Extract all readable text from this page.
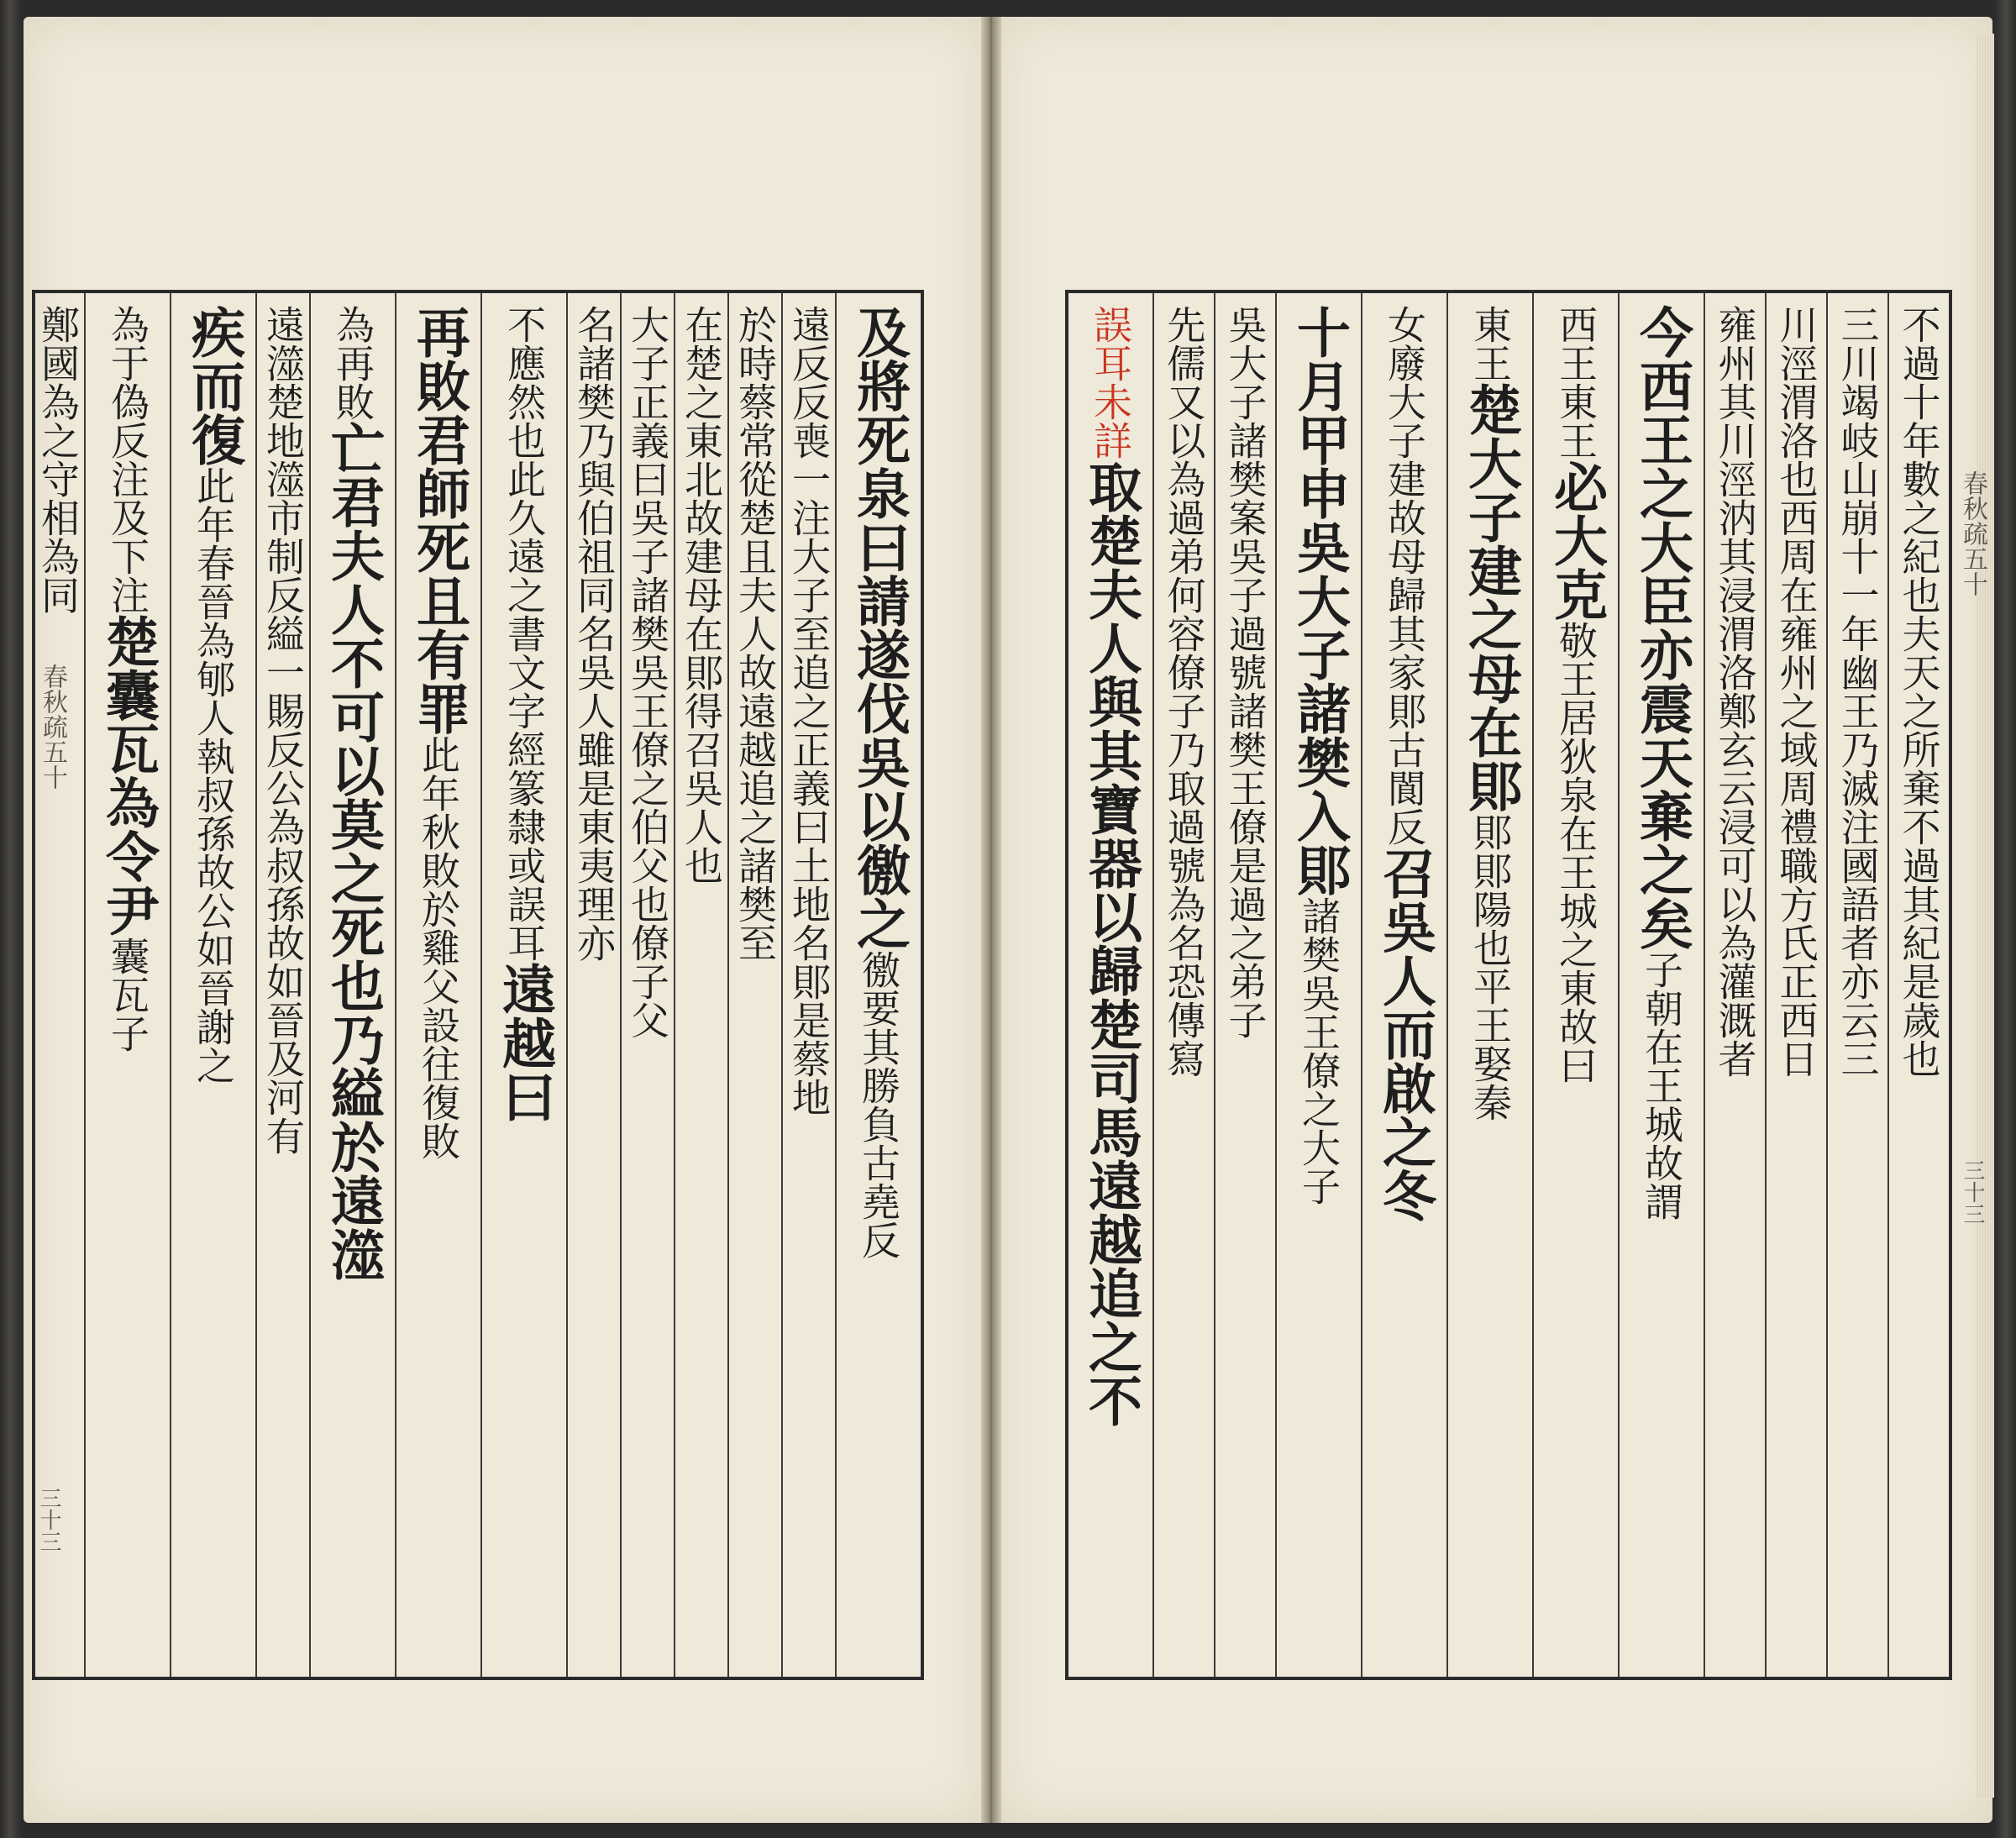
及將死泉曰請遂伐吳以徼之徼要其勝負古堯反
遠反反喪一注大子至追之正義曰土地名郥是蔡地
於時蔡常從楚且夫人故遠越追之諸樊至
在楚之東北故建母在郥得召吳人也
大子正義曰吳子諸樊吳王僚之伯父也僚子父
名諸樊乃與伯祖同名吳人雖是東夷理亦
不應然也此久遠之書文字經篆隸或誤耳遠越曰
再敗君師死且有罪此年秋敗於雞父設往復敗
為再敗亡君夫人不可以莫之死也乃縊於遠澨
遠澨楚地澨市制反縊一賜反公為叔孫故如晉及河有
疾而復此年春晉為郇人執叔孫故公如晉謝之
為于偽反注及下注楚囊瓦為令尹囊瓦子
鄭國為之守相為同	不過十年數之紀也夫天之所棄不過其紀是歲也
三川竭岐山崩十一年幽王乃滅注國語者亦云三
川涇渭洛也西周在雍州之域周禮職方氏正西日
雍州其川涇汭其浸渭洛鄭玄云浸可以為灌溉者
今西王之大臣亦震天棄之矣子朝在王城故謂
西王東王必大克敬王居狄泉在王城之東故曰
東王楚大子建之母在郥郥郥陽也平王娶秦
女廢大子建故母歸其家郥古閬反召吳人而啟之冬
十月甲申吳大子諸樊入郥諸樊吳王僚之大子
吳大子諸樊案吳子過號諸樊王僚是過之弟子
先儒又以為過弟何容僚子乃取過號為名恐傳寫
誤耳未詳取楚夫人與其寶器以歸楚司馬遠越追之不
春秋疏五十
三十三
春秋疏五十
三十三
